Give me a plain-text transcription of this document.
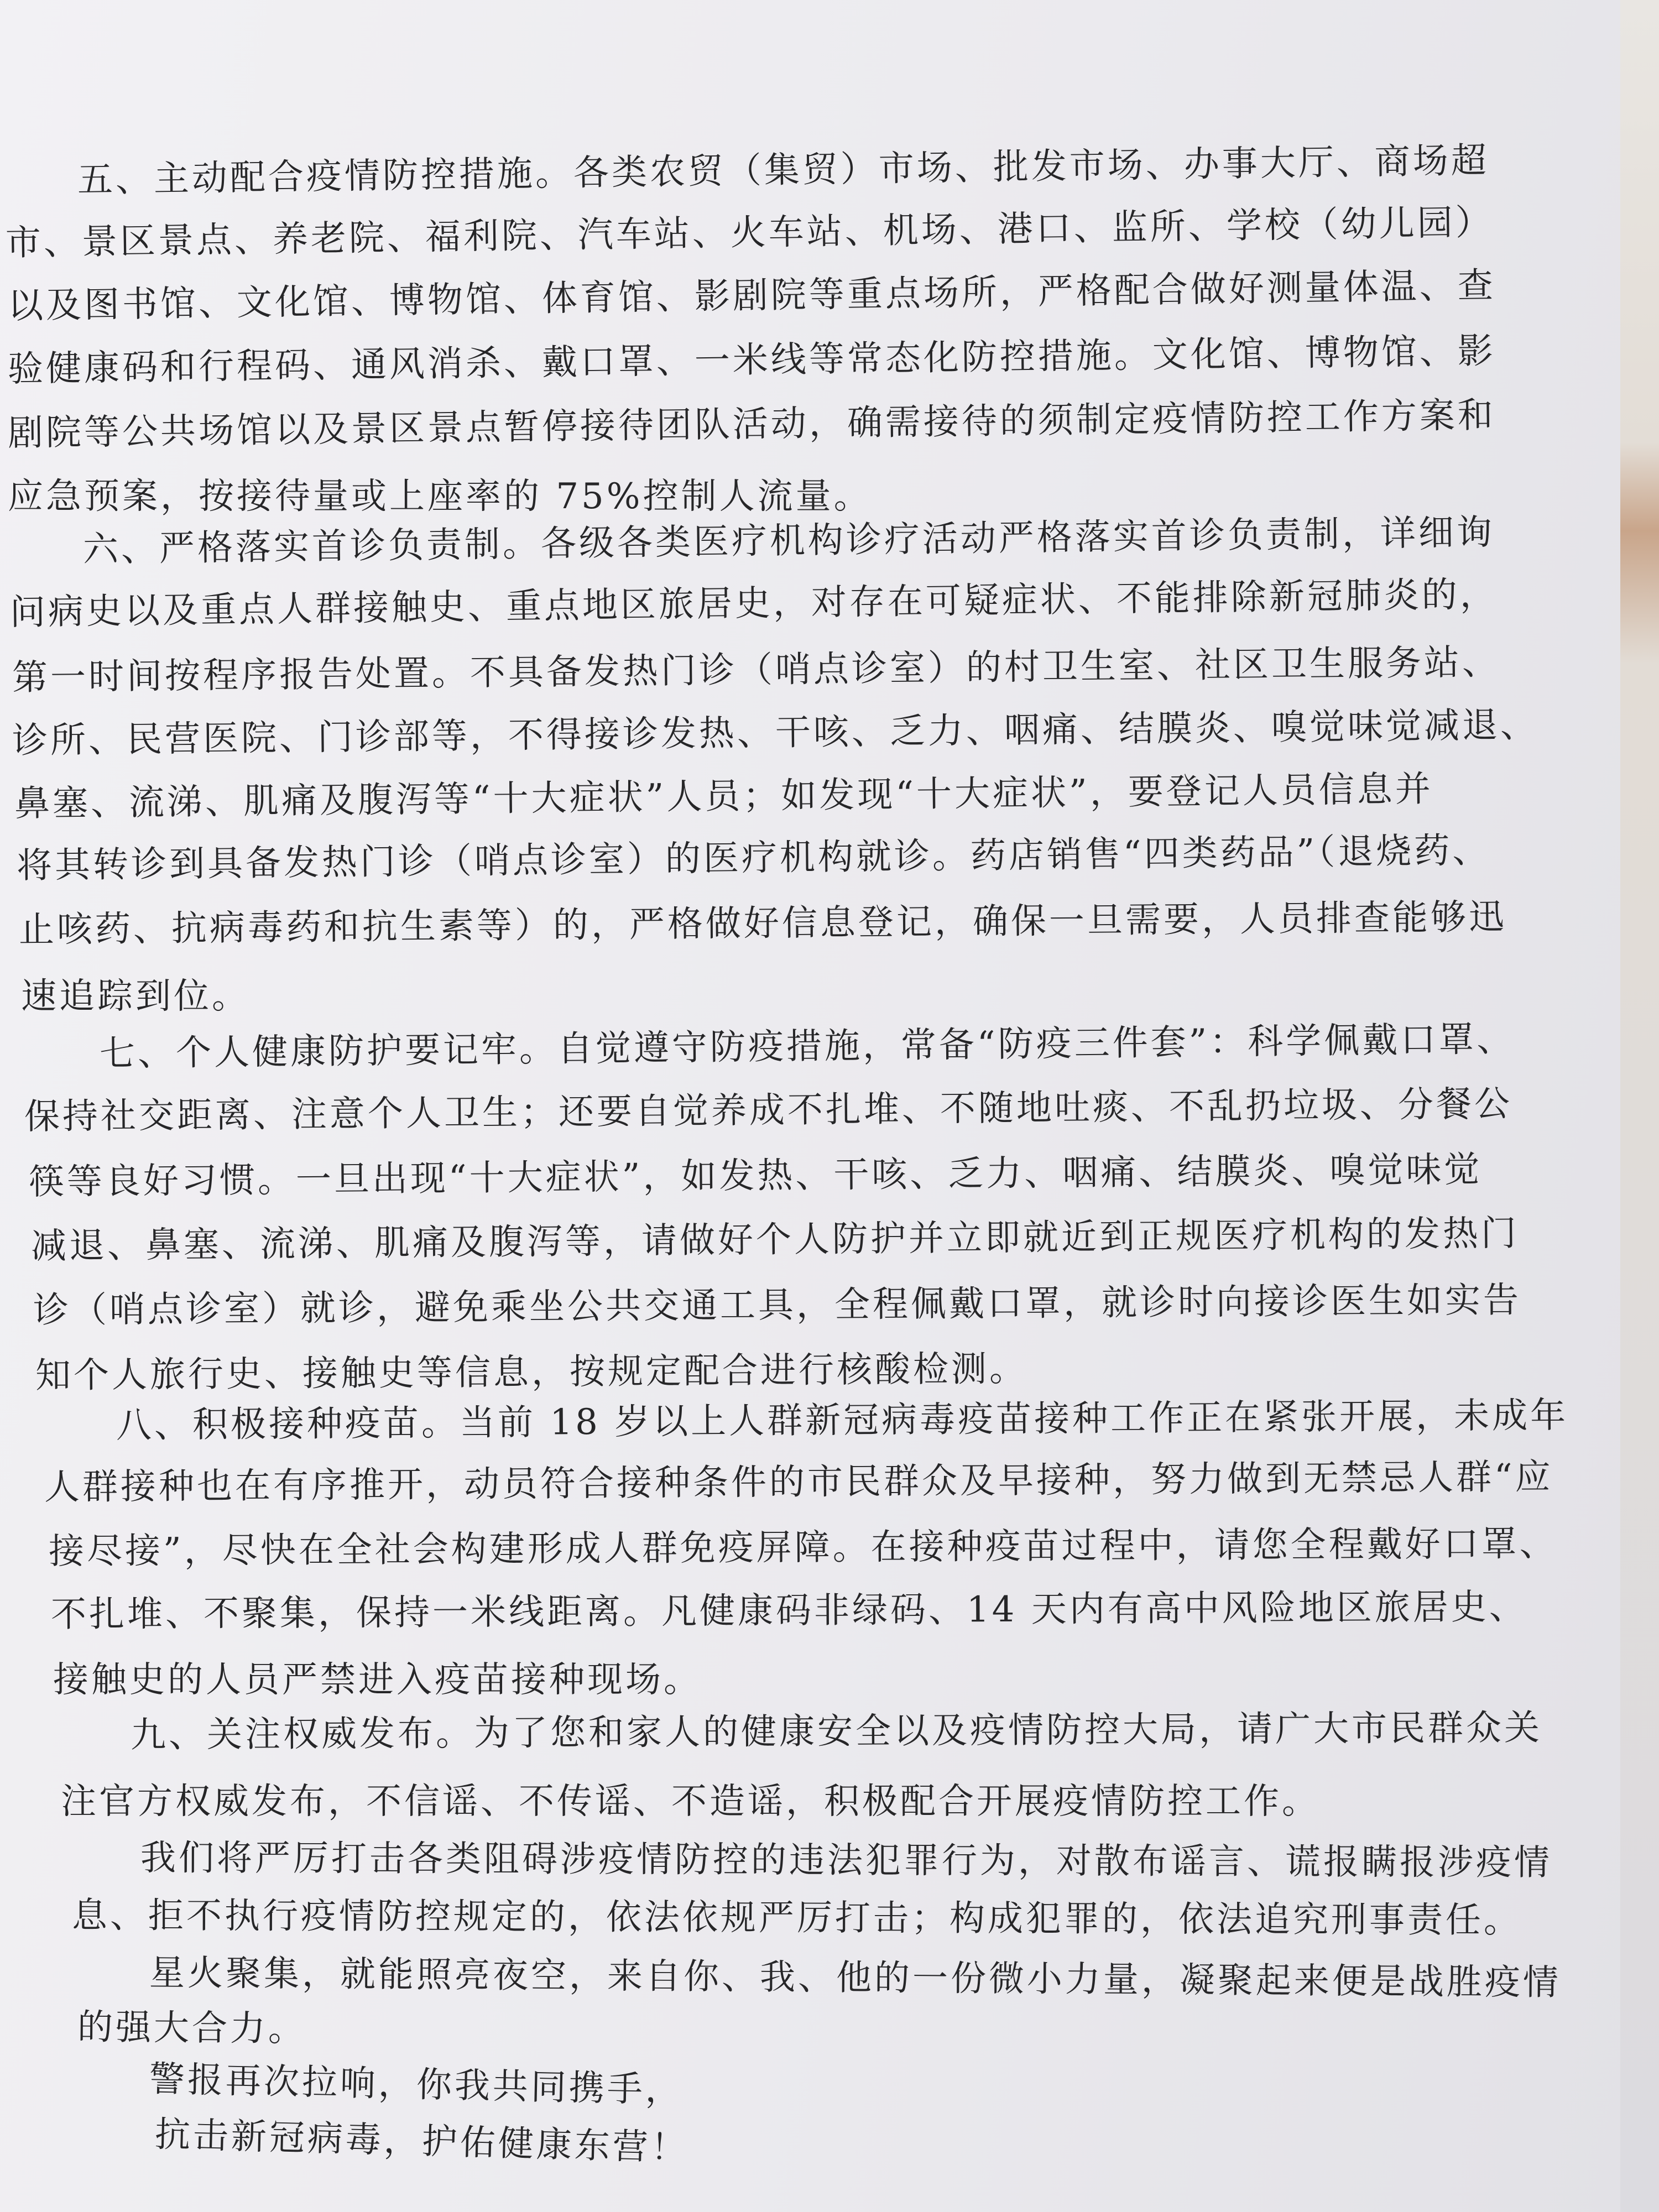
五、主动配合疫情防控措施。各类农贸（集贸）市场、批发市场、办事大厅、商场超
市、景区景点、养老院、福利院、汽车站、火车站、机场、港口、监所、学校（幼儿园）
以及图书馆、文化馆、博物馆、体育馆、影剧院等重点场所，严格配合做好测量体温、查
验健康码和行程码、通风消杀、戴口罩、一米线等常态化防控措施。文化馆、博物馆、影
剧院等公共场馆以及景区景点暂停接待团队活动，确需接待的须制定疫情防控工作方案和
应急预案，按接待量或上座率的 75%控制人流量。
六、严格落实首诊负责制。各级各类医疗机构诊疗活动严格落实首诊负责制，详细询
问病史以及重点人群接触史、重点地区旅居史，对存在可疑症状、不能排除新冠肺炎的，
第一时间按程序报告处置。不具备发热门诊（哨点诊室）的村卫生室、社区卫生服务站、
诊所、民营医院、门诊部等，不得接诊发热、干咳、乏力、咽痛、结膜炎、嗅觉味觉减退、
鼻塞、流涕、肌痛及腹泻等“十大症状”人员；如发现“十大症状”，要登记人员信息并
将其转诊到具备发热门诊（哨点诊室）的医疗机构就诊。药店销售“四类药品”（退烧药、
止咳药、抗病毒药和抗生素等）的，严格做好信息登记，确保一旦需要，人员排查能够迅
速追踪到位。
七、个人健康防护要记牢。自觉遵守防疫措施，常备“防疫三件套”：科学佩戴口罩、
保持社交距离、注意个人卫生；还要自觉养成不扎堆、不随地吐痰、不乱扔垃圾、分餐公
筷等良好习惯。一旦出现“十大症状”，如发热、干咳、乏力、咽痛、结膜炎、嗅觉味觉
减退、鼻塞、流涕、肌痛及腹泻等，请做好个人防护并立即就近到正规医疗机构的发热门
诊（哨点诊室）就诊，避免乘坐公共交通工具，全程佩戴口罩，就诊时向接诊医生如实告
知个人旅行史、接触史等信息，按规定配合进行核酸检测。
八、积极接种疫苗。当前 18 岁以上人群新冠病毒疫苗接种工作正在紧张开展，未成年
人群接种也在有序推开，动员符合接种条件的市民群众及早接种，努力做到无禁忌人群“应
接尽接”，尽快在全社会构建形成人群免疫屏障。在接种疫苗过程中，请您全程戴好口罩、
不扎堆、不聚集，保持一米线距离。凡健康码非绿码、14 天内有高中风险地区旅居史、
接触史的人员严禁进入疫苗接种现场。
九、关注权威发布。为了您和家人的健康安全以及疫情防控大局，请广大市民群众关
注官方权威发布，不信谣、不传谣、不造谣，积极配合开展疫情防控工作。
我们将严厉打击各类阻碍涉疫情防控的违法犯罪行为，对散布谣言、谎报瞒报涉疫情
息、拒不执行疫情防控规定的，依法依规严厉打击；构成犯罪的，依法追究刑事责任。
星火聚集，就能照亮夜空，来自你、我、他的一份微小力量，凝聚起来便是战胜疫情
的强大合力。
警报再次拉响，你我共同携手，
抗击新冠病毒，护佑健康东营！
